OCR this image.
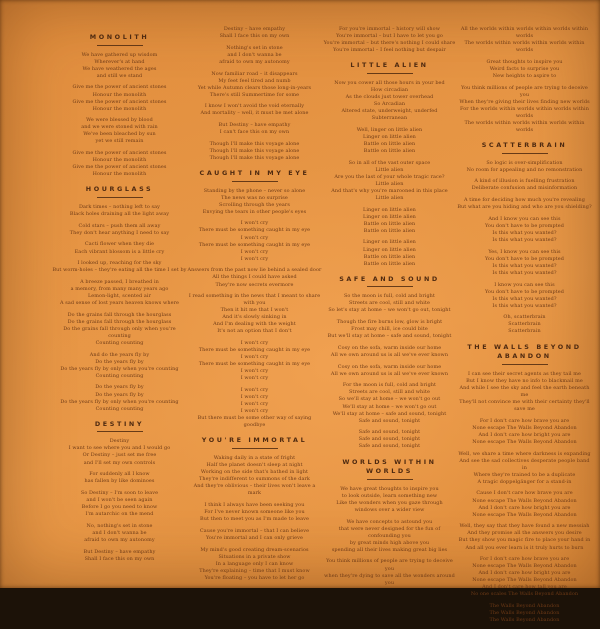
MONOLITH
We have gathered up wisdom
Wherever's at hand
We have weathered the ages
and still we stand
Give me the power of ancient stones
Honour the monolith
Give me the power of ancient stones
Honour the monolith
We were blessed by blood
and we were stoned with rain
We've been bleached by sun
yet we still remain
Give me the power of ancient stones
Honour the monolith
Give me the power of ancient stones
Honour the monolith
HOURGLASS
Dark times – nothing left to say
Black holes draining all the light away
Cold stars – push them all away
They don't hear anything I need to say
Cacti flower when they die
Each vibrant blossom is a little cry
I looked up, reaching for the sky
But worm-holes – they're eating all the time I set by
A breeze passed, I breathed in
a memory, from many many years ago
Lemon-light, scented air
A sad sense of lost years heaven knows where
Do the grains fall through the hourglass
Do the grains fall through the hourglass
Do the grains fall through only when you're counting
Counting counting
And do the years fly by
Do the years fly by
Do the years fly by only when you're counting
Counting counting
Do the years fly by
Do the years fly by
Do the years fly by only when you're counting
Counting counting
DESTINY
Destiny
I want to see where you and I would go
Or Destiny – just set me free
and I'll set my own controls
For suddenly all I know
has fallen by like dominoes
So Destiny – I'm soon to leave
and I won't be seen again
Before I go you need to know
I'm autarchic on the mend
No, nothing's set in stone
and I don't wanna be
afraid to own my autonomy
But Destiny – have empathy
Shall I face this on my own
Destiny – have empathy
Shall I face this on my own
Nothing's set in stone
and I don't wanna be
afraid to own my autonomy
Now familiar road – it disappears
My feet feel tired and numb
Yet while Autumn clears those long-in-years
There's still Summertime for some
I know I won't avoid the void eternally
And mortality – well, it must be met alone
But Destiny – have empathy
I can't face this on my own
Though I'll make this voyage alone
Though I'll make this voyage alone
Though I'll make this voyage alone
CAUGHT IN MY EYE
Standing by the phone – never so alone
The news was no surprise
Scrolling through the years
Envying the tears in other people's eyes
I won't cry
There must be something caught in my eye
I won't cry
There must be something caught in my eye
I won't cry
I won't cry
Answers from the past now lie behind a sealed door
All the things I could have asked
They're now secrets evermore
I read something in the news that I meant to share with you
Then it hit me that I won't
And it's slowly sinking in
And I'm dealing with the weight
It's not an option that I don't
I won't cry
There must be something caught in my eye
I won't cry
There must be something caught in my eye
I won't cry
I won't cry
I won't cry
I won't cry
I won't cry
I won't cry
But there must be some other way of saying goodbye
YOU'RE IMMORTAL
Waking daily in a state of fright
Half the planet doesn't sleep at night
Working on the side that's bathed in light
They're indifferent to summons of the dark
And they're oblivious – their lives won't leave a mark
I think I always have been seeking you
For I've never known someone like you
But then to meet you as I'm made to leave
Cause you're immortal – that I can believe
You're immortal and I can only grieve
My mind's good creating dream-scenarios
Situations in a private show
In a language only I can know
They're explaining – time that I must know
You're floating – you have to let her go
For you're immortal – history will show
You're immortal – but I have to let you go
You're immortal – but there's nothing I could share
You're immortal – I feel nothing but despair
LITTLE ALIEN
Now you cower all those hours in your bed
How circadian
As the clouds just tower overhead
So Arcadian
Altered state, underweight, underfed
Subterranean
Well, linger on little alien
Linger on little alien
Battle on little alien
Battle on little alien
So in all of the vast outer space
Little alien
Are you the last of your whole tragic race?
Little alien
And that's why you're marooned in this place
Little alien
Linger on little alien
Linger on little alien
Battle on little alien
Battle on little alien
Linger on little alien
Linger on little alien
Battle on little alien
Battle on little alien
SAFE AND SOUND
So the moon is full, cold and bright
Streets are cool, still and white
So let's stay at home – we won't go out, tonight
Though the fire burns low, glow is bright
Frost may chill, ice could bite
But we'll stay at home – safe and sound, tonight
Cosy on the sofa, warm inside our home
All we own around us is all we've ever known
Cosy on the sofa, warm inside our home
All we own around us is all we've ever known
For the moon is full, cold and bright
Streets are cool, still and white
So we'll stay at home – we won't go out
We'll stay at home – we won't go out
We'll stay at home – safe and sound, tonight
Safe and sound, tonight
Safe and sound, tonight
Safe and sound, tonight
Safe and sound, tonight
WORLDS WITHIN WORLDS
We have great thoughts to inspire you
to look outside, learn something new
Like the wonders when you gaze through
windows over a wider view
We have concepts to astound you
that were never designed for the fun of confounding you
by great minds high above you
spending all their lives making great big lies
You think millions of people are trying to deceive you
when they're dying to save all the wonders around you
All the worlds within worlds within worlds within worlds
The worlds within worlds within worlds within worlds
Great thoughts to inspire you
Weird facts to surprise you
New heights to aspire to
You think millions of people are trying to deceive you
When they're giving their lives finding new worlds
For the worlds within worlds within worlds within worlds
The worlds within worlds within worlds within worlds
SCATTERBRAIN
So logic is over-simplification
No room for appealing and no remonstration
A kind of illusion is fuelling frustration
Deliberate confusion and misinformation
A time for deciding how much you're revealing
But what are you hiding and who are you shielding?
And I know you can see this
You don't have to be prompted
Is this what you wanted?
Is this what you wanted?
Yes, I know you can see this
You don't have to be prompted
Is this what you wanted?
Is this what you wanted?
I know you can see this
You don't have to be prompted
Is this what you wanted?
Is this what you wanted?
Oh, scatterbrain
Scatterbrain
Scatterbrain
THE WALLS BEYOND ABANDON
I can see their secret agents as they tail me
But I know they have no info to blackmail me
And while I see the sky and feel the earth beneath me
They'll not convince me with their certainty they'll save me
For I don't care how brave you are
None escape The Walls Beyond Abandon
And I don't care how bright you are
None escape The Walls Beyond Abandon
Well, we share a time where darkness is expanding
And see the sad collectives desperate people band in
Where they're trained to be a duplicate
A tragic doppelgänger for a stand-in
Cause I don't care how brave you are
None escape The Walls Beyond Abandon
And I don't care how bright you are
None escape The Walls Beyond Abandon
Well, they say that they have found a new messiah
And they promise all the answers you desire
But they show you magic fire to place your hand in
And all you ever learn is it truly hurts to burn
For I don't care how brave you are
None escape The Walls Beyond Abandon
And I don't care how bright you are
None escape The Walls Beyond Abandon
And I don't care how tall you are
No one scales The Walls Beyond Abandon
The Walls Beyond Abandon
The Walls Beyond Abandon
The Walls Beyond Abandon
